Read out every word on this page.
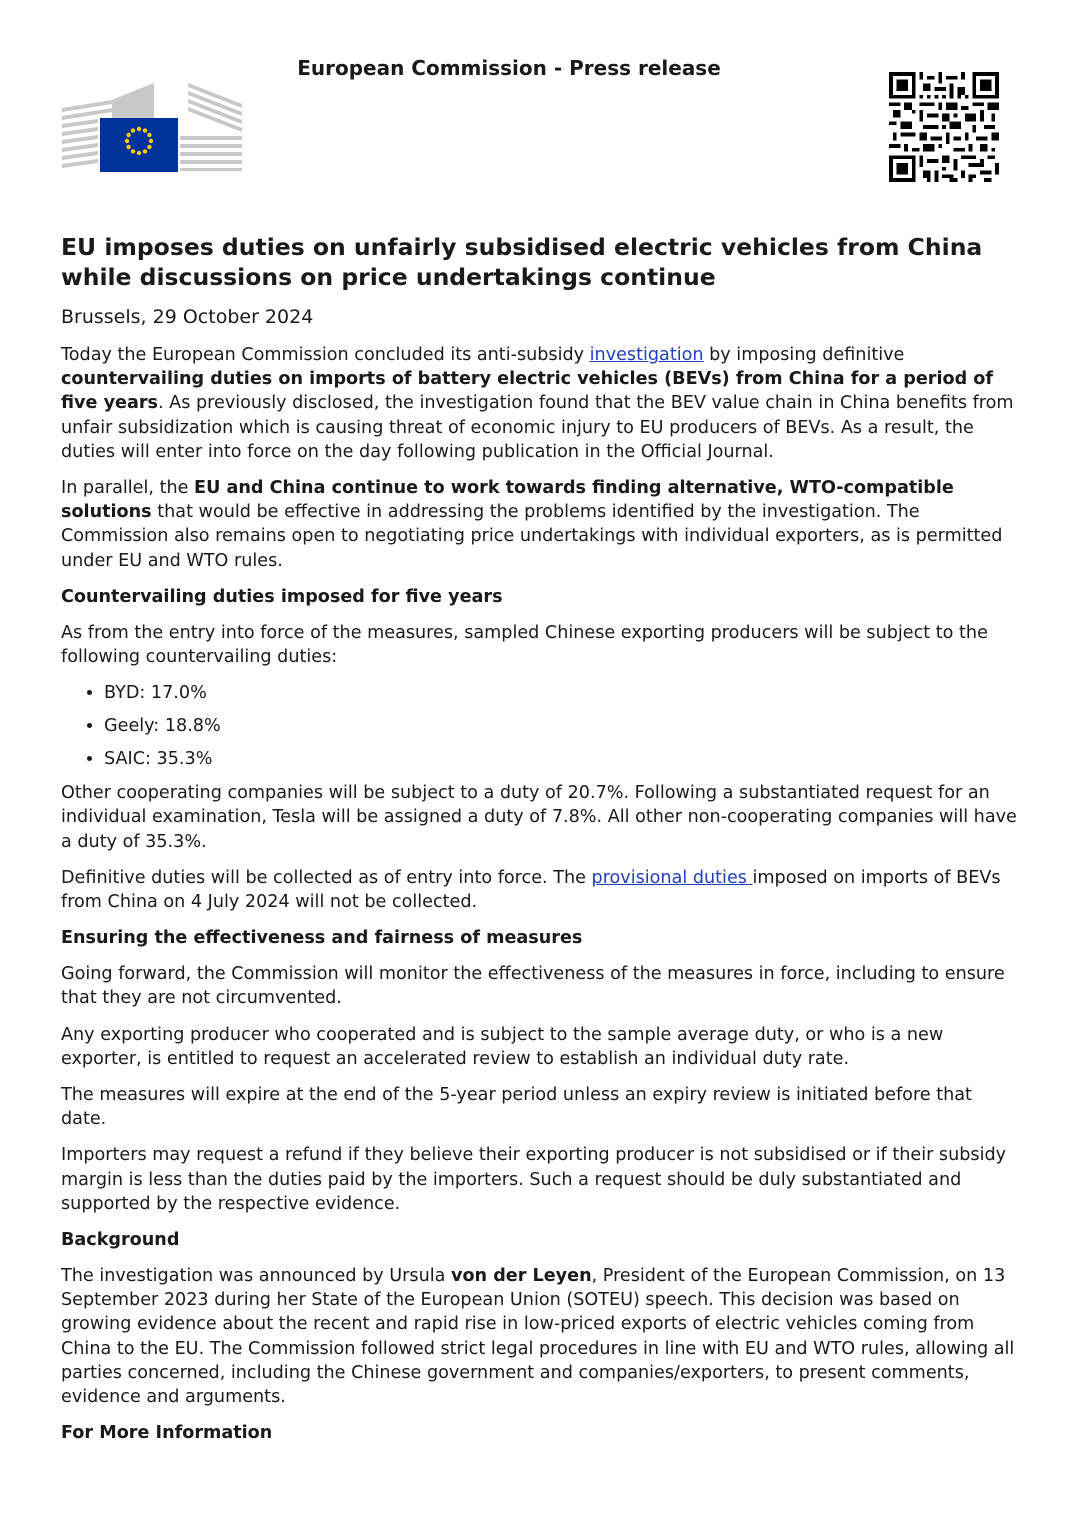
European Commission - Press release
EU imposes duties on unfairly subsidised electric vehicles from China while discussions on price undertakings continue
Brussels, 29 October 2024

Today the European Commission concluded its anti-subsidy investigation by imposing definitive countervailing duties on imports of battery electric vehicles (BEVs) from China for a period of five years. As previously disclosed, the investigation found that the BEV value chain in China benefits from unfair subsidization which is causing threat of economic injury to EU producers of BEVs. As a result, the duties will enter into force on the day following publication in the Official Journal.

In parallel, the EU and China continue to work towards finding alternative, WTO-compatible solutions that would be effective in addressing the problems identified by the investigation. The Commission also remains open to negotiating price undertakings with individual exporters, as is permitted under EU and WTO rules.

Countervailing duties imposed for five years

As from the entry into force of the measures, sampled Chinese exporting producers will be subject to the following countervailing duties:

• BYD: 17.0%
• Geely: 18.8%
• SAIC: 35.3%

Other cooperating companies will be subject to a duty of 20.7%. Following a substantiated request for an individual examination, Tesla will be assigned a duty of 7.8%. All other non-cooperating companies will have a duty of 35.3%.

Definitive duties will be collected as of entry into force. The provisional duties imposed on imports of BEVs from China on 4 July 2024 will not be collected.

Ensuring the effectiveness and fairness of measures

Going forward, the Commission will monitor the effectiveness of the measures in force, including to ensure that they are not circumvented.

Any exporting producer who cooperated and is subject to the sample average duty, or who is a new exporter, is entitled to request an accelerated review to establish an individual duty rate.

The measures will expire at the end of the 5-year period unless an expiry review is initiated before that date.

Importers may request a refund if they believe their exporting producer is not subsidised or if their subsidy margin is less than the duties paid by the importers. Such a request should be duly substantiated and supported by the respective evidence.

Background

The investigation was announced by Ursula von der Leyen, President of the European Commission, on 13 September 2023 during her State of the European Union (SOTEU) speech. This decision was based on growing evidence about the recent and rapid rise in low-priced exports of electric vehicles coming from China to the EU. The Commission followed strict legal procedures in line with EU and WTO rules, allowing all parties concerned, including the Chinese government and companies/exporters, to present comments, evidence and arguments.

For More Information
